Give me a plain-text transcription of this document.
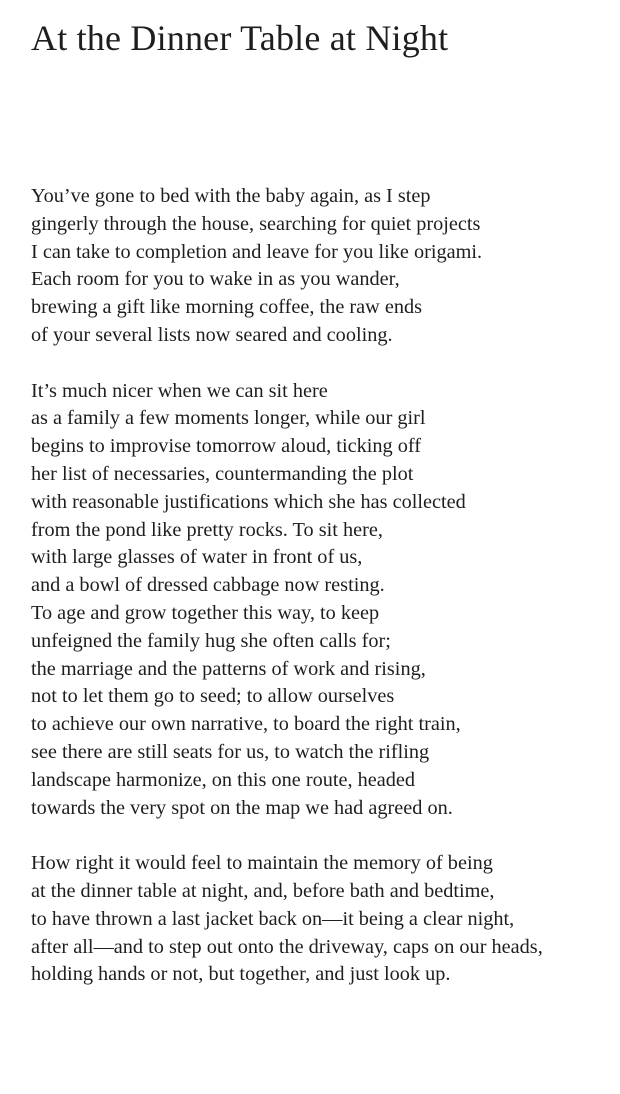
At the Dinner Table at Night
You’ve gone to bed with the baby again, as I step
gingerly through the house, searching for quiet projects
I can take to completion and leave for you like origami.
Each room for you to wake in as you wander,
brewing a gift like morning coffee, the raw ends
of your several lists now seared and cooling.
It’s much nicer when we can sit here
as a family a few moments longer, while our girl
begins to improvise tomorrow aloud, ticking off
her list of necessaries, countermanding the plot
with reasonable justifications which she has collected
from the pond like pretty rocks. To sit here,
with large glasses of water in front of us,
and a bowl of dressed cabbage now resting.
To age and grow together this way, to keep
unfeigned the family hug she often calls for;
the marriage and the patterns of work and rising,
not to let them go to seed; to allow ourselves
to achieve our own narrative, to board the right train,
see there are still seats for us, to watch the rifling
landscape harmonize, on this one route, headed
towards the very spot on the map we had agreed on.
How right it would feel to maintain the memory of being
at the dinner table at night, and, before bath and bedtime,
to have thrown a last jacket back on—it being a clear night,
after all—and to step out onto the driveway, caps on our heads,
holding hands or not, but together, and just look up.
